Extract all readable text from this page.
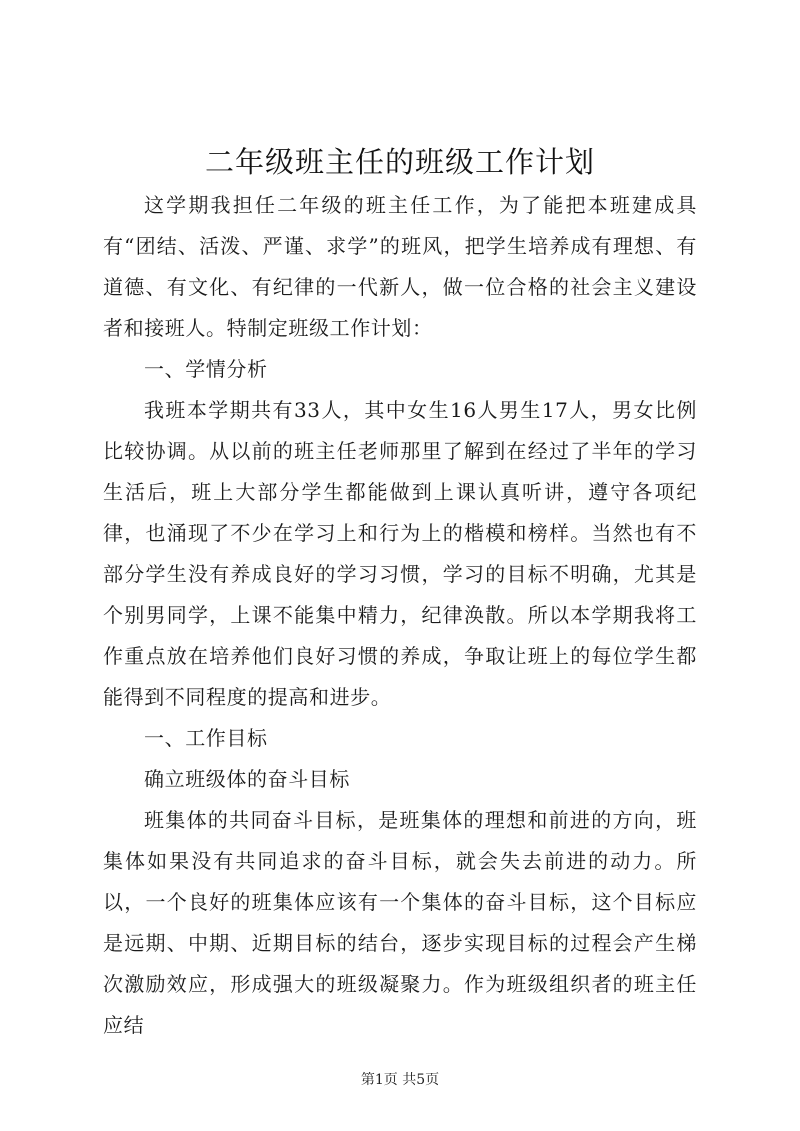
二年级班主任的班级工作计划

这学期我担任二年级的班主任工作，为了能把本班建成具有“团结、活泼、严谨、求学”的班风，把学生培养成有理想、有道德、有文化、有纪律的一代新人，做一位合格的社会主义建设者和接班人。特制定班级工作计划：

一、学情分析

我班本学期共有33人，其中女生16人男生17人，男女比例比较协调。从以前的班主任老师那里了解到在经过了半年的学习生活后，班上大部分学生都能做到上课认真听讲，遵守各项纪律，也涌现了不少在学习上和行为上的楷模和榜样。当然也有不部分学生没有养成良好的学习习惯，学习的目标不明确，尤其是个别男同学，上课不能集中精力，纪律涣散。所以本学期我将工作重点放在培养他们良好习惯的养成，争取让班上的每位学生都能得到不同程度的提高和进步。

一、工作目标

确立班级体的奋斗目标

班集体的共同奋斗目标，是班集体的理想和前进的方向，班集体如果没有共同追求的奋斗目标，就会失去前进的动力。所以，一个良好的班集体应该有一个集体的奋斗目标，这个目标应是远期、中期、近期目标的结台，逐步实现目标的过程会产生梯次激励效应，形成强大的班级凝聚力。作为班级组织者的班主任应结

第1页 共5页
